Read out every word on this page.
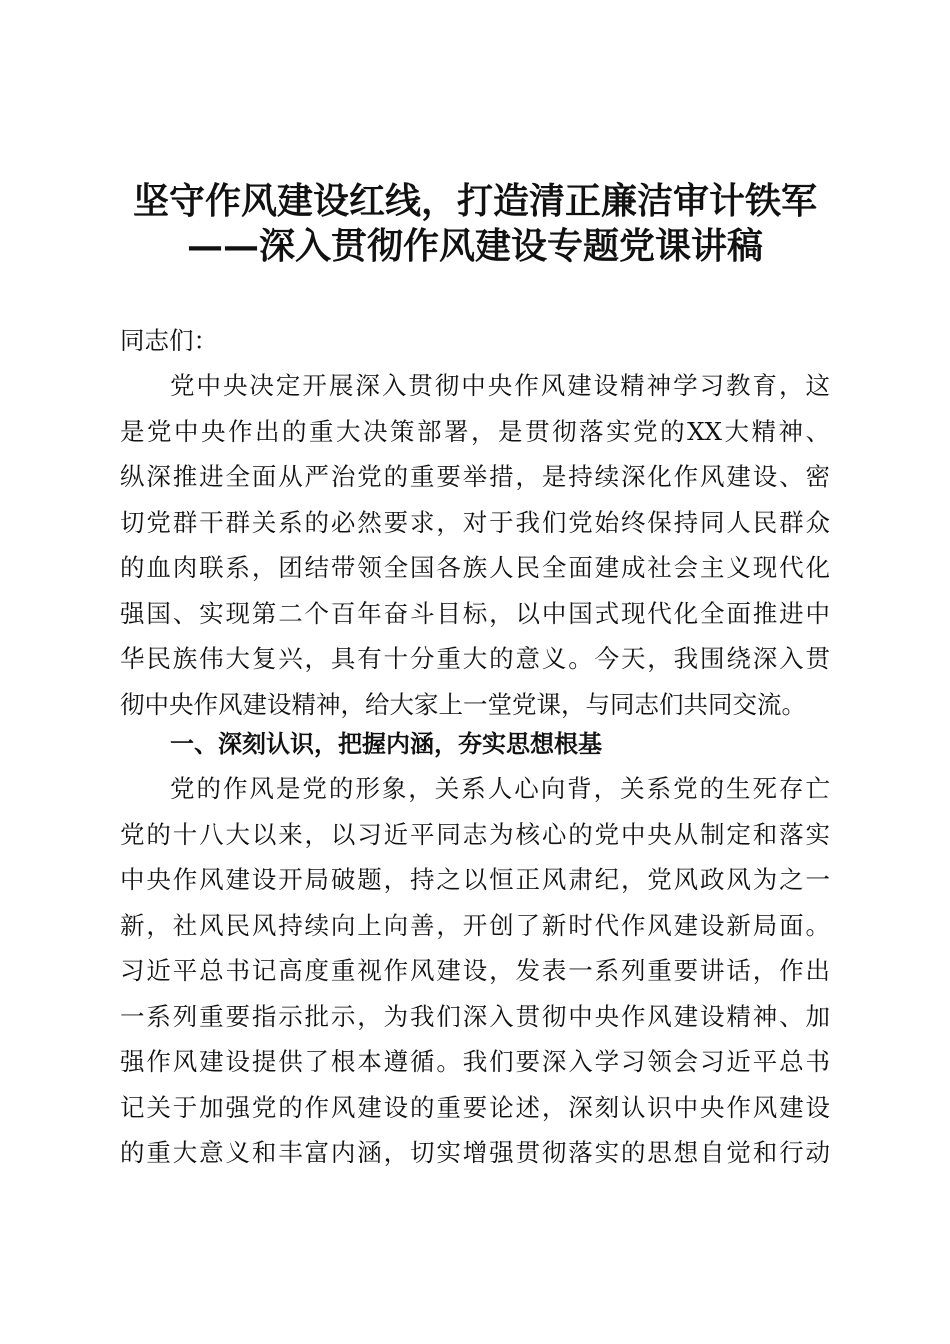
坚守作风建设红线，打造清正廉洁审计铁军
——深入贯彻作风建设专题党课讲稿
同志们：
党中央决定开展深入贯彻中央作风建设精神学习教育，这
是党中央作出的重大决策部署，是贯彻落实党的XX大精神、
纵深推进全面从严治党的重要举措，是持续深化作风建设、密
切党群干群关系的必然要求，对于我们党始终保持同人民群众
的血肉联系，团结带领全国各族人民全面建成社会主义现代化
强国、实现第二个百年奋斗目标，以中国式现代化全面推进中
华民族伟大复兴，具有十分重大的意义。今天，我围绕深入贯
彻中央作风建设精神，给大家上一堂党课，与同志们共同交流。
一、深刻认识，把握内涵，夯实思想根基
党的作风是党的形象，关系人心向背，关系党的生死存亡
党的十八大以来，以习近平同志为核心的党中央从制定和落实
中央作风建设开局破题，持之以恒正风肃纪，党风政风为之一
新，社风民风持续向上向善，开创了新时代作风建设新局面。
习近平总书记高度重视作风建设，发表一系列重要讲话，作出
一系列重要指示批示，为我们深入贯彻中央作风建设精神、加
强作风建设提供了根本遵循。我们要深入学习领会习近平总书
记关于加强党的作风建设的重要论述，深刻认识中央作风建设
的重大意义和丰富内涵，切实增强贯彻落实的思想自觉和行动
